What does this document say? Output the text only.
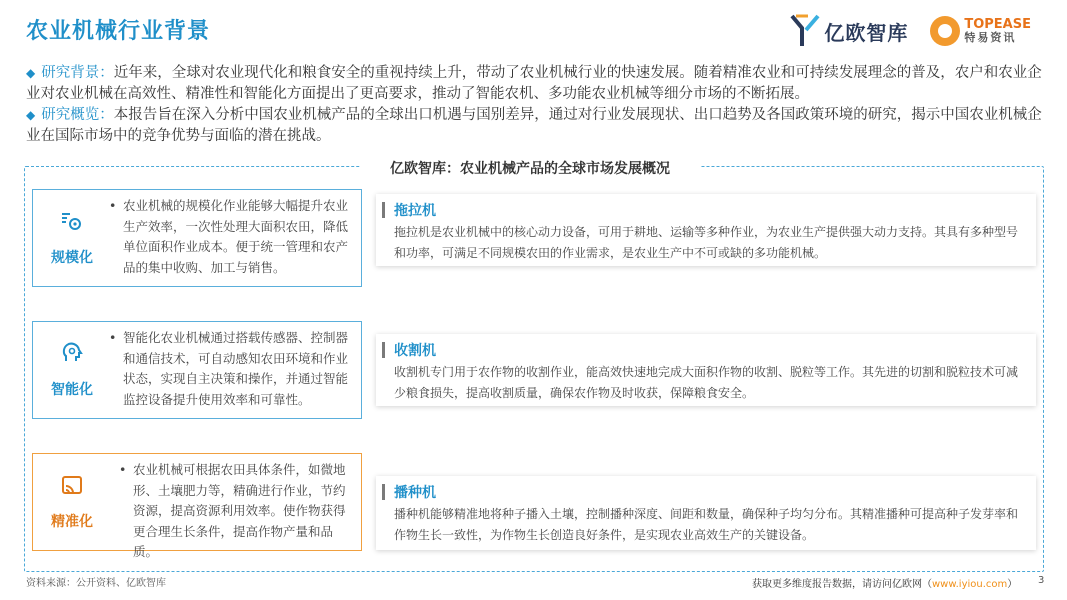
农业机械行业背景	亿欧智库	TOPEASE
特易资讯

◆ 研究背景：近年来，全球对农业现代化和粮食安全的重视持续上升，带动了农业机械行业的快速发展。随着精准农业和可持续发展理念的普及，农户和农业企业对农业机械在高效性、精准性和智能化方面提出了更高要求，推动了智能农机、多功能农业机械等细分市场的不断拓展。

◆ 研究概览：本报告旨在深入分析中国农业机械产品的全球出口机遇与国别差异，通过对行业发展现状、出口趋势及各国政策环境的研究，揭示中国农业机械企业在国际市场中的竞争优势与面临的潜在挑战。

亿欧智库：农业机械产品的全球市场发展概况
规模化
• 农业机械的规模化作业能够大幅提升农业生产效率，一次性处理大面积农田，降低单位面积作业成本。便于统一管理和农产品的集中收购、加工与销售。
智能化
• 智能化农业机械通过搭载传感器、控制器和通信技术，可自动感知农田环境和作业状态，实现自主决策和操作，并通过智能监控设备提升使用效率和可靠性。
精准化
• 农业机械可根据农田具体条件，如微地形、土壤肥力等，精确进行作业，节约资源，提高资源利用效率。使作物获得更合理生长条件，提高作物产量和品质。
拖拉机
拖拉机是农业机械中的核心动力设备，可用于耕地、运输等多种作业，为农业生产提供强大动力支持。其具有多种型号和功率，可满足不同规模农田的作业需求，是农业生产中不可或缺的多功能机械。
收割机
收割机专门用于农作物的收割作业，能高效快速地完成大面积作物的收割、脱粒等工作。其先进的切割和脱粒技术可减少粮食损失，提高收割质量，确保农作物及时收获，保障粮食安全。
播种机
播种机能够精准地将种子播入土壤，控制播种深度、间距和数量，确保种子均匀分布。其精准播种可提高种子发芽率和作物生长一致性，为作物生长创造良好条件，是实现农业高效生产的关键设备。
资料来源：公开资料、亿欧智库	获取更多维度报告数据，请访问亿欧网（www.iyiou.com） 3
